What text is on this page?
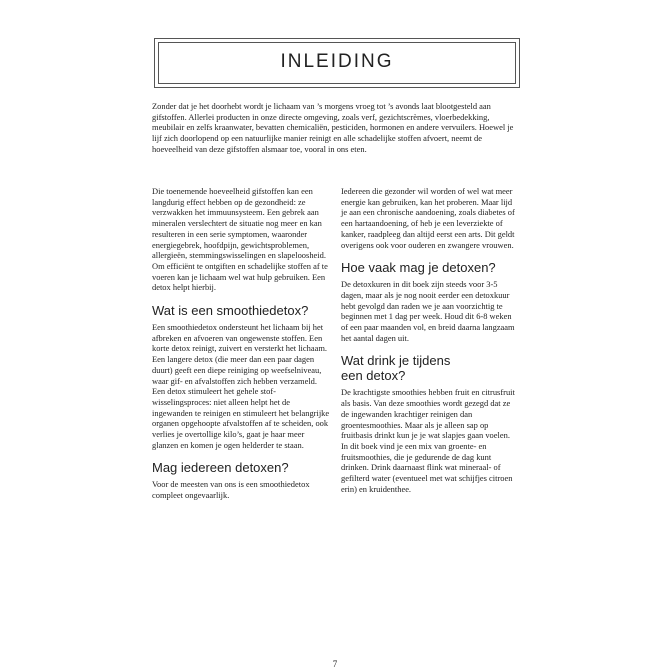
INLEIDING

Zonder dat je het doorhebt wordt je lichaam van ’s morgens vroeg tot ’s avonds laat blootgesteld aan gifstoffen. Allerlei producten in onze directe omgeving, zoals verf, gezichtscrèmes, vloerbedekking, meubilair en zelfs kraanwater, bevatten chemicaliën, pesticiden, hormonen en andere vervuilers. Hoewel je lijf zich doorlopend op een natuurlijke manier reinigt en alle schadelijke stoffen afvoert, neemt de hoeveelheid van deze gifstoffen alsmaar toe, vooral in ons eten.

Die toenemende hoeveelheid gifstoffen kan een langdurig effect hebben op de gezondheid: ze verzwakken het immuunsysteem. Een gebrek aan mineralen verslechtert de situatie nog meer en kan resulteren in een serie symptomen, waaronder energiegebrek, hoofdpijn, gewichtsproblemen, allergieën, stemmingswisselingen en slapeloosheid. Om efficiënt te ontgiften en schadelijke stoffen af te voeren kan je lichaam wel wat hulp gebruiken. Een detox helpt hierbij.

Wat is een smoothiedetox?

Een smoothiedetox ondersteunt het lichaam bij het afbreken en afvoeren van ongewenste stoffen. Een korte detox reinigt, zuivert en versterkt het lichaam. Een langere detox (die meer dan een paar dagen duurt) geeft een diepe reiniging op weefselniveau, waar gif- en afvalstoffen zich hebben verzameld.

Een detox stimuleert het gehele stofwisselingsproces: niet alleen helpt het de ingewanden te reinigen en stimuleert het belangrijke organen opgehoopte afvalstoffen af te scheiden, ook verlies je overtollige kilo’s, gaat je haar meer glanzen en komen je ogen helderder te staan.

Mag iedereen detoxen?

Voor de meesten van ons is een smoothiedetox compleet ongevaarlijk.

Iedereen die gezonder wil worden of wel wat meer energie kan gebruiken, kan het proberen. Maar lijd je aan een chronische aandoening, zoals diabetes of een hartaandoening, of heb je een leverziekte of kanker, raadpleeg dan altijd eerst een arts. Dit geldt overigens ook voor ouderen en zwangere vrouwen.

Hoe vaak mag je detoxen?

De detoxkuren in dit boek zijn steeds voor 3-5 dagen, maar als je nog nooit eerder een detoxkuur hebt gevolgd dan raden we je aan voorzichtig te beginnen met 1 dag per week. Houd dit 6-8 weken of een paar maanden vol, en breid daarna langzaam het aantal dagen uit.

Wat drink je tijdens
een detox?

De krachtigste smoothies hebben fruit en citrusfruit als basis. Van deze smoothies wordt gezegd dat ze de ingewanden krachtiger reinigen dan groentesmoothies. Maar als je alleen sap op fruitbasis drinkt kun je je wat slapjes gaan voelen. In dit boek vind je een mix van groente- en fruitsmoothies, die je gedurende de dag kunt drinken. Drink daarnaast flink wat mineraal- of gefilterd water (eventueel met wat schijfjes citroen erin) en kruidenthee.

7
